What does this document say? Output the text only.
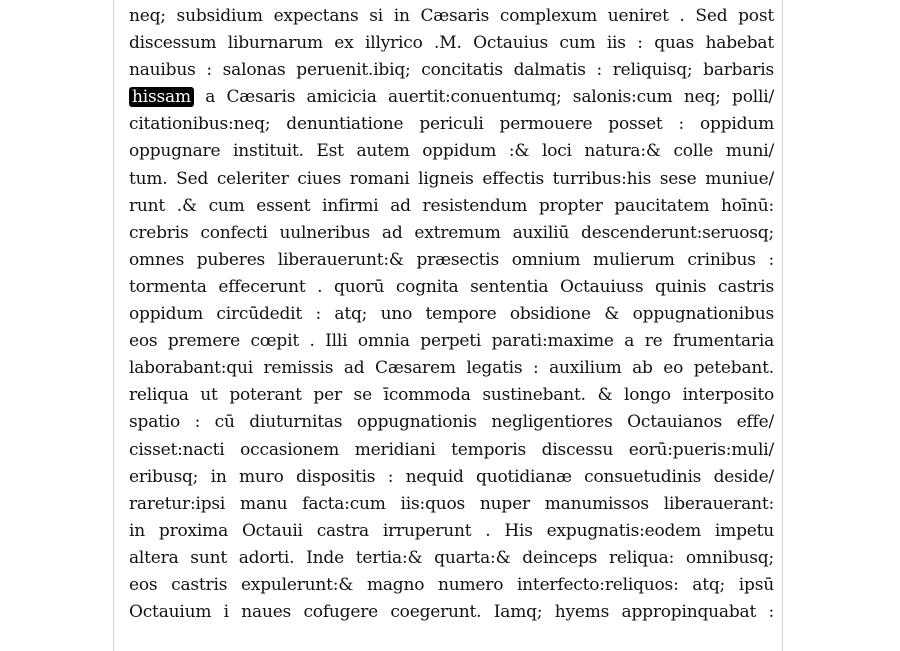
neq; subsidium expectans si in Cæsaris complexum ueniret . Sed post
discessum liburnarum ex illyrico .M. Octauius cum iis : quas habebat
nauibus : salonas peruenit.ibiq; concitatis dalmatis : reliquisq; barbaris
hissam a Cæsaris amicicia auertit:conuentumq; salonis:cum neq; polli/
citationibus:neq; denuntiatione periculi permouere posset : oppidum
oppugnare instituit. Est autem oppidum :& loci natura:& colle muni/
tum. Sed celeriter ciues romani ligneis effectis turribus:his sese muniue/
runt .& cum essent infirmi ad resistendum propter paucitatem hoīnū:
crebris confecti uulneribus ad extremum auxiliū descenderunt:seruosq;
omnes puberes liberauerunt:& præsectis omnium mulierum crinibus :
tormenta effecerunt . quorū cognita sententia Octauiuss quinis castris
oppidum circūdedit : atq; uno tempore obsidione & oppugnationibus
eos premere cœpit . Illi omnia perpeti parati:maxime a re frumentaria
laborabant:qui remissis ad Cæsarem legatis : auxilium ab eo petebant.
reliqua ut poterant per se īcommoda sustinebant. & longo interposito
spatio : cū diuturnitas oppugnationis negligentiores Octauianos effe/
cisset:nacti occasionem meridiani temporis discessu eorū:pueris:muli/
eribusq; in muro dispositis : nequid quotidianæ consuetudinis deside/
raretur:ipsi manu facta:cum iis:quos nuper manumissos liberauerant:
in proxima Octauii castra irruperunt . His expugnatis:eodem impetu
altera sunt adorti. Inde tertia:& quarta:& deinceps reliqua: omnibusq;
eos castris expulerunt:& magno numero interfecto:reliquos: atq; ipsū
Octauium i naues cofugere coegerunt. Iamq; hyems appropinquabat :
